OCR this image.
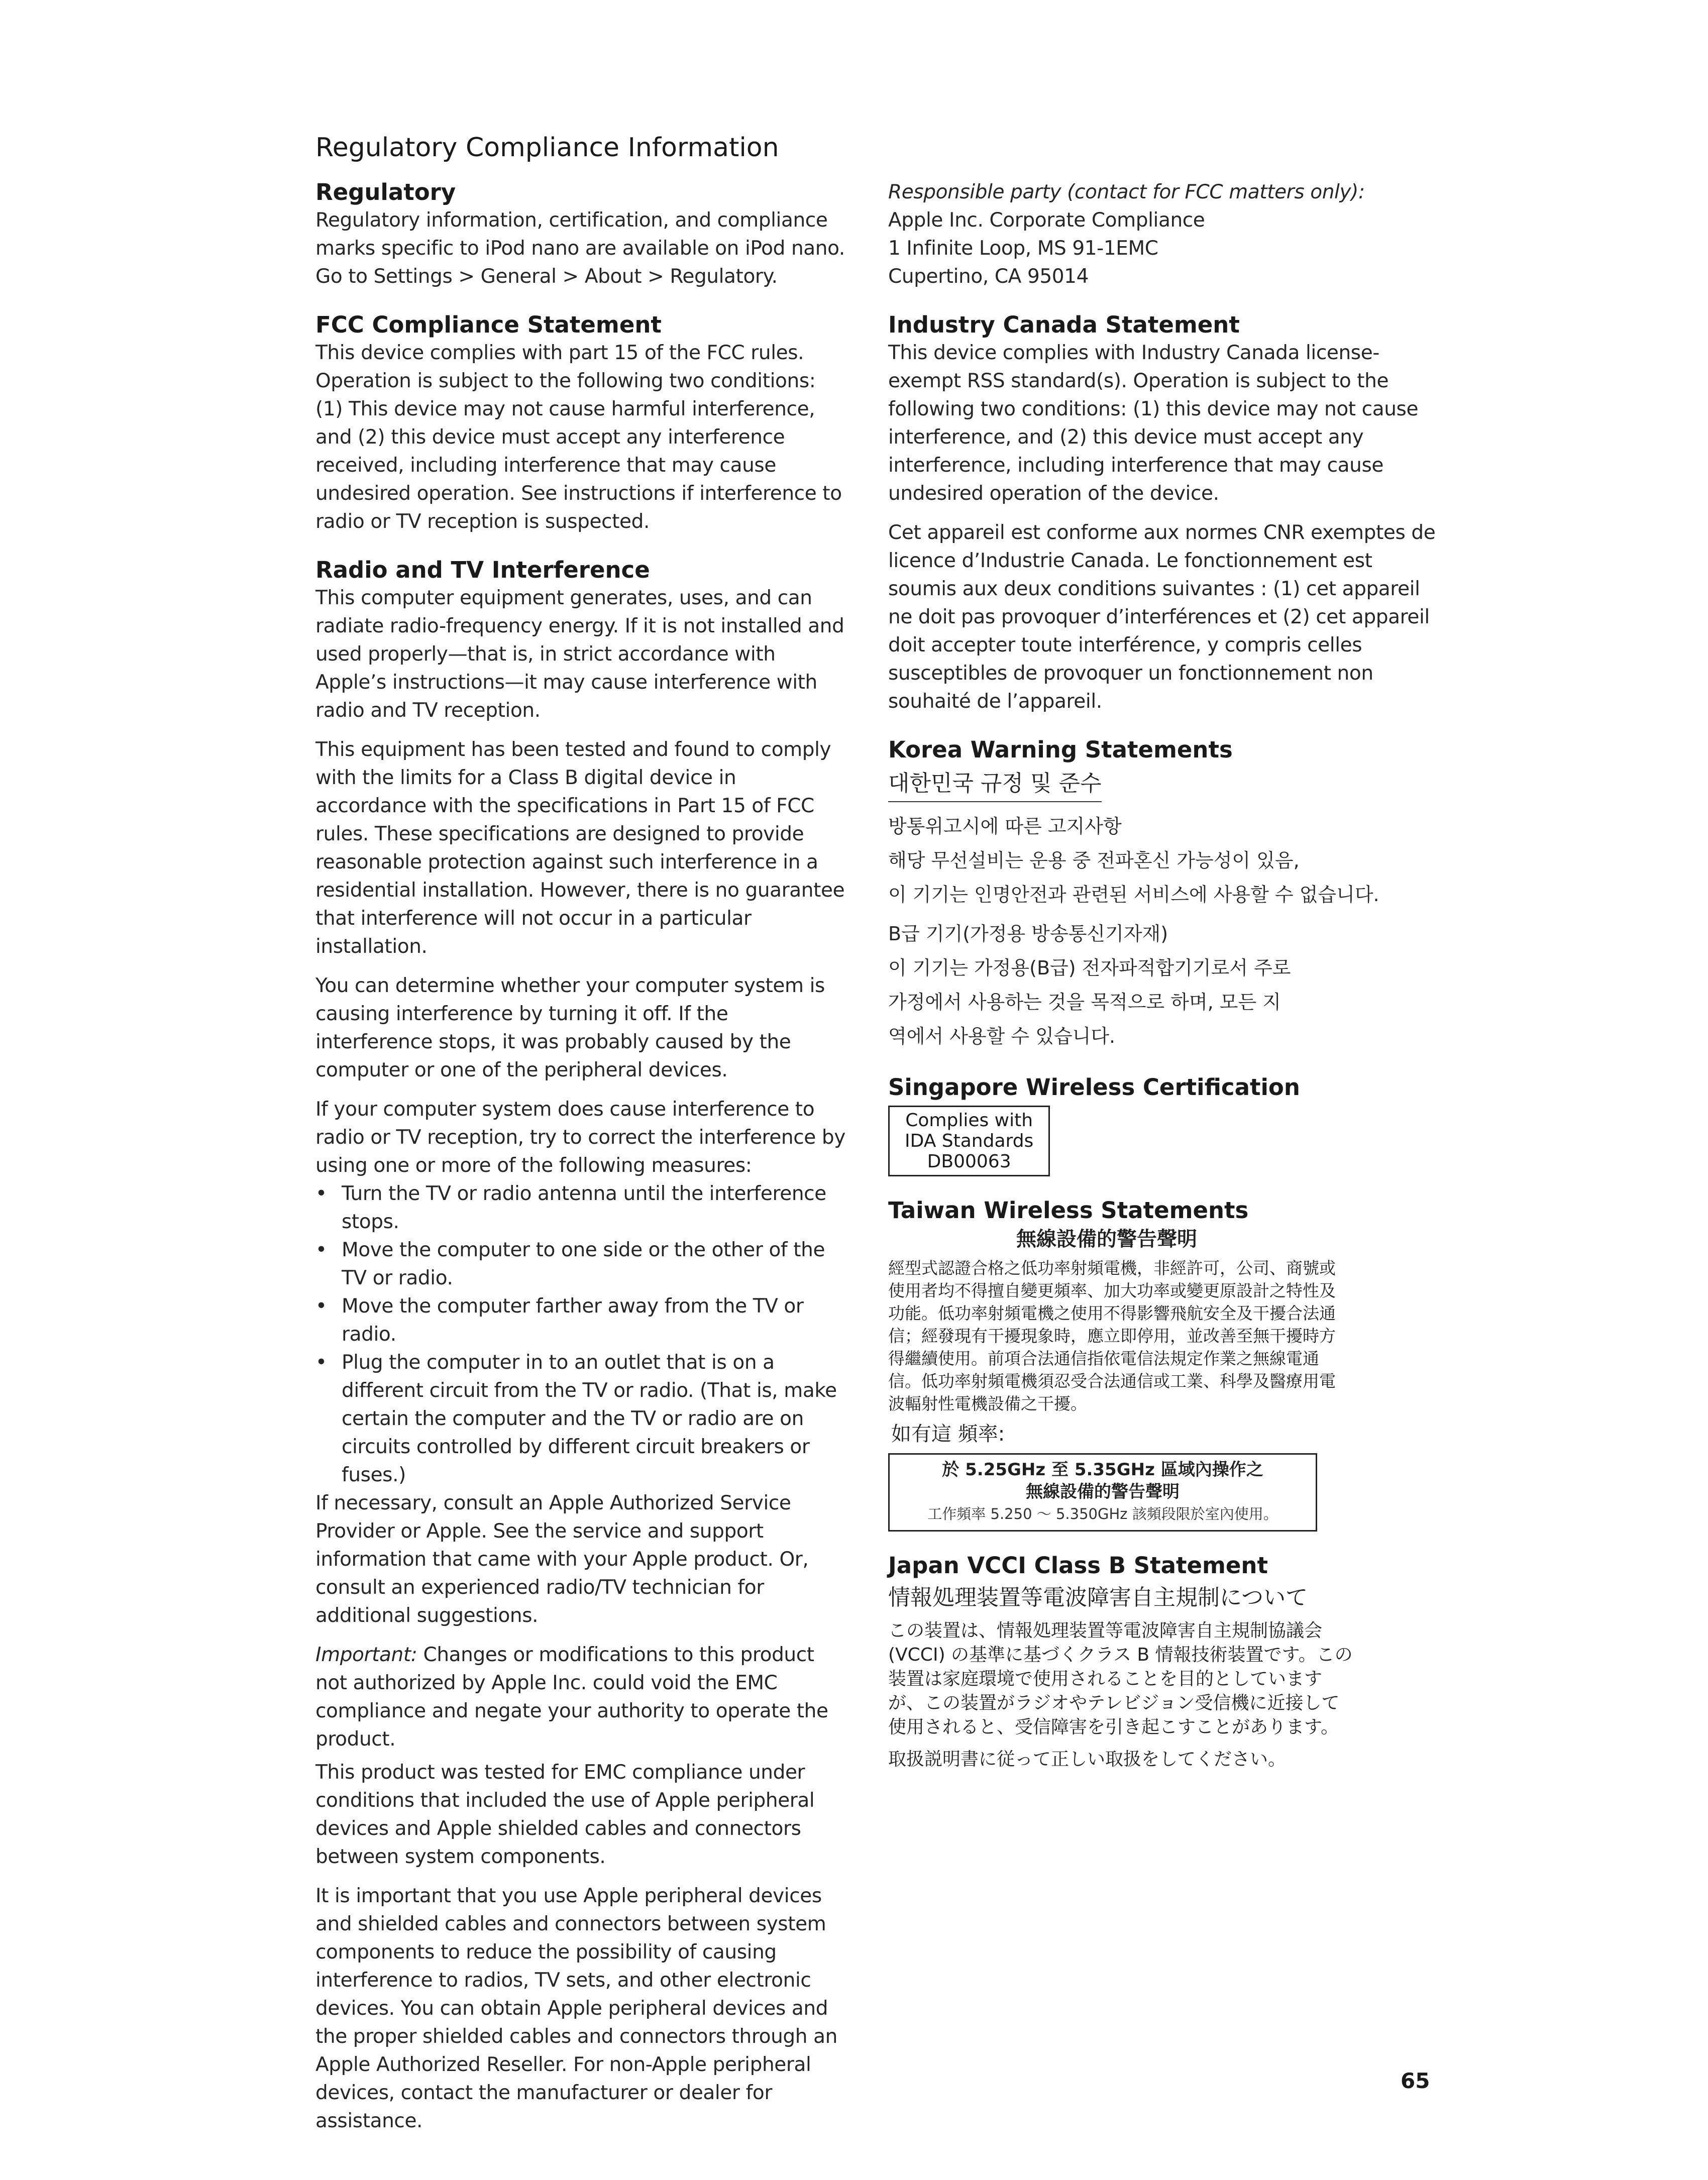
Regulatory Compliance Information
Regulatory

Regulatory information, certification, and compliance marks specific to iPod nano are available on iPod nano. Go to Settings > General > About > Regulatory.

FCC Compliance Statement

This device complies with part 15 of the FCC rules. Operation is subject to the following two conditions: (1) This device may not cause harmful interference, and (2) this device must accept any interference received, including interference that may cause undesired operation. See instructions if interference to radio or TV reception is suspected.

Radio and TV Interference

This computer equipment generates, uses, and can radiate radio-frequency energy. If it is not installed and used properly—that is, in strict accordance with Apple’s instructions—it may cause interference with radio and TV reception.

This equipment has been tested and found to comply with the limits for a Class B digital device in accordance with the specifications in Part 15 of FCC rules. These specifications are designed to provide reasonable protection against such interference in a residential installation. However, there is no guarantee that interference will not occur in a particular installation.

You can determine whether your computer system is causing interference by turning it off. If the interference stops, it was probably caused by the computer or one of the peripheral devices.

If your computer system does cause interference to radio or TV reception, try to correct the interference by using one or more of the following measures:

• Turn the TV or radio antenna until the interference stops.
• Move the computer to one side or the other of the TV or radio.
• Move the computer farther away from the TV or radio.
• Plug the computer in to an outlet that is on a different circuit from the TV or radio. (That is, make certain the computer and the TV or radio are on circuits controlled by different circuit breakers or fuses.)

If necessary, consult an Apple Authorized Service Provider or Apple. See the service and support information that came with your Apple product. Or, consult an experienced radio/TV technician for additional suggestions.

Important: Changes or modifications to this product not authorized by Apple Inc. could void the EMC compliance and negate your authority to operate the product.

This product was tested for EMC compliance under conditions that included the use of Apple peripheral devices and Apple shielded cables and connectors between system components.

It is important that you use Apple peripheral devices and shielded cables and connectors between system components to reduce the possibility of causing interference to radios, TV sets, and other electronic devices. You can obtain Apple peripheral devices and the proper shielded cables and connectors through an Apple Authorized Reseller. For non-Apple peripheral devices, contact the manufacturer or dealer for assistance.

Responsible party (contact for FCC matters only):

Apple Inc. Corporate Compliance

1 Infinite Loop, MS 91-1EMC

Cupertino, CA 95014

Industry Canada Statement

This device complies with Industry Canada license- exempt RSS standard(s). Operation is subject to the following two conditions: (1) this device may not cause interference, and (2) this device must accept any interference, including interference that may cause undesired operation of the device.

Cet appareil est conforme aux normes CNR exemptes de licence d’Industrie Canada. Le fonctionnement est soumis aux deux conditions suivantes : (1) cet appareil ne doit pas provoquer d’interférences et (2) cet appareil doit accepter toute interférence, y compris celles susceptibles de provoquer un fonctionnement non souhaité de l’appareil.

Korea Warning Statements

대한민국 규정 및 준수

방통위고시에 따른 고지사항

해당 무선설비는 운용 중 전파혼신 가능성이 있음,

이 기기는 인명안전과 관련된 서비스에 사용할 수 없습니다.

B급 기기(가정용 방송통신기자재)

이 기기는 가정용(B급) 전자파적합기기로서 주로

가정에서 사용하는 것을 목적으로 하며, 모든 지

역에서 사용할 수 있습니다.

Singapore Wireless Certification
Complies with
IDA Standards
DB00063
Taiwan Wireless Statements

無線設備的警告聲明

經型式認證合格之低功率射頻電機，非經許可，公司、商號或使用者均不得擅自變更頻率、加大功率或變更原設計之特性及功能。低功率射頻電機之使用不得影響飛航安全及干擾合法通信；經發現有干擾現象時，應立即停用，並改善至無干擾時方得繼續使用。前項合法通信指依電信法規定作業之無線電通信。低功率射頻電機須忍受合法通信或工業、科學及醫療用電波輻射性電機設備之干擾。

如有這 頻率:

於 5.25GHz 至 5.35GHz 區域內操作之

無線設備的警告聲明

工作頻率 5.250 ～ 5.350GHz 該頻段限於室內使用。

Japan VCCI Class B Statement

情報処理装置等電波障害自主規制について

この装置は、情報処理装置等電波障害自主規制協議会 (VCCI) の基準に基づくクラス B 情報技術装置です。この装置は家庭環境で使用されることを目的としていますが、この装置がラジオやテレビジョン受信機に近接して使用されると、受信障害を引き起こすことがあります。

取扱説明書に従って正しい取扱をしてください。

65
